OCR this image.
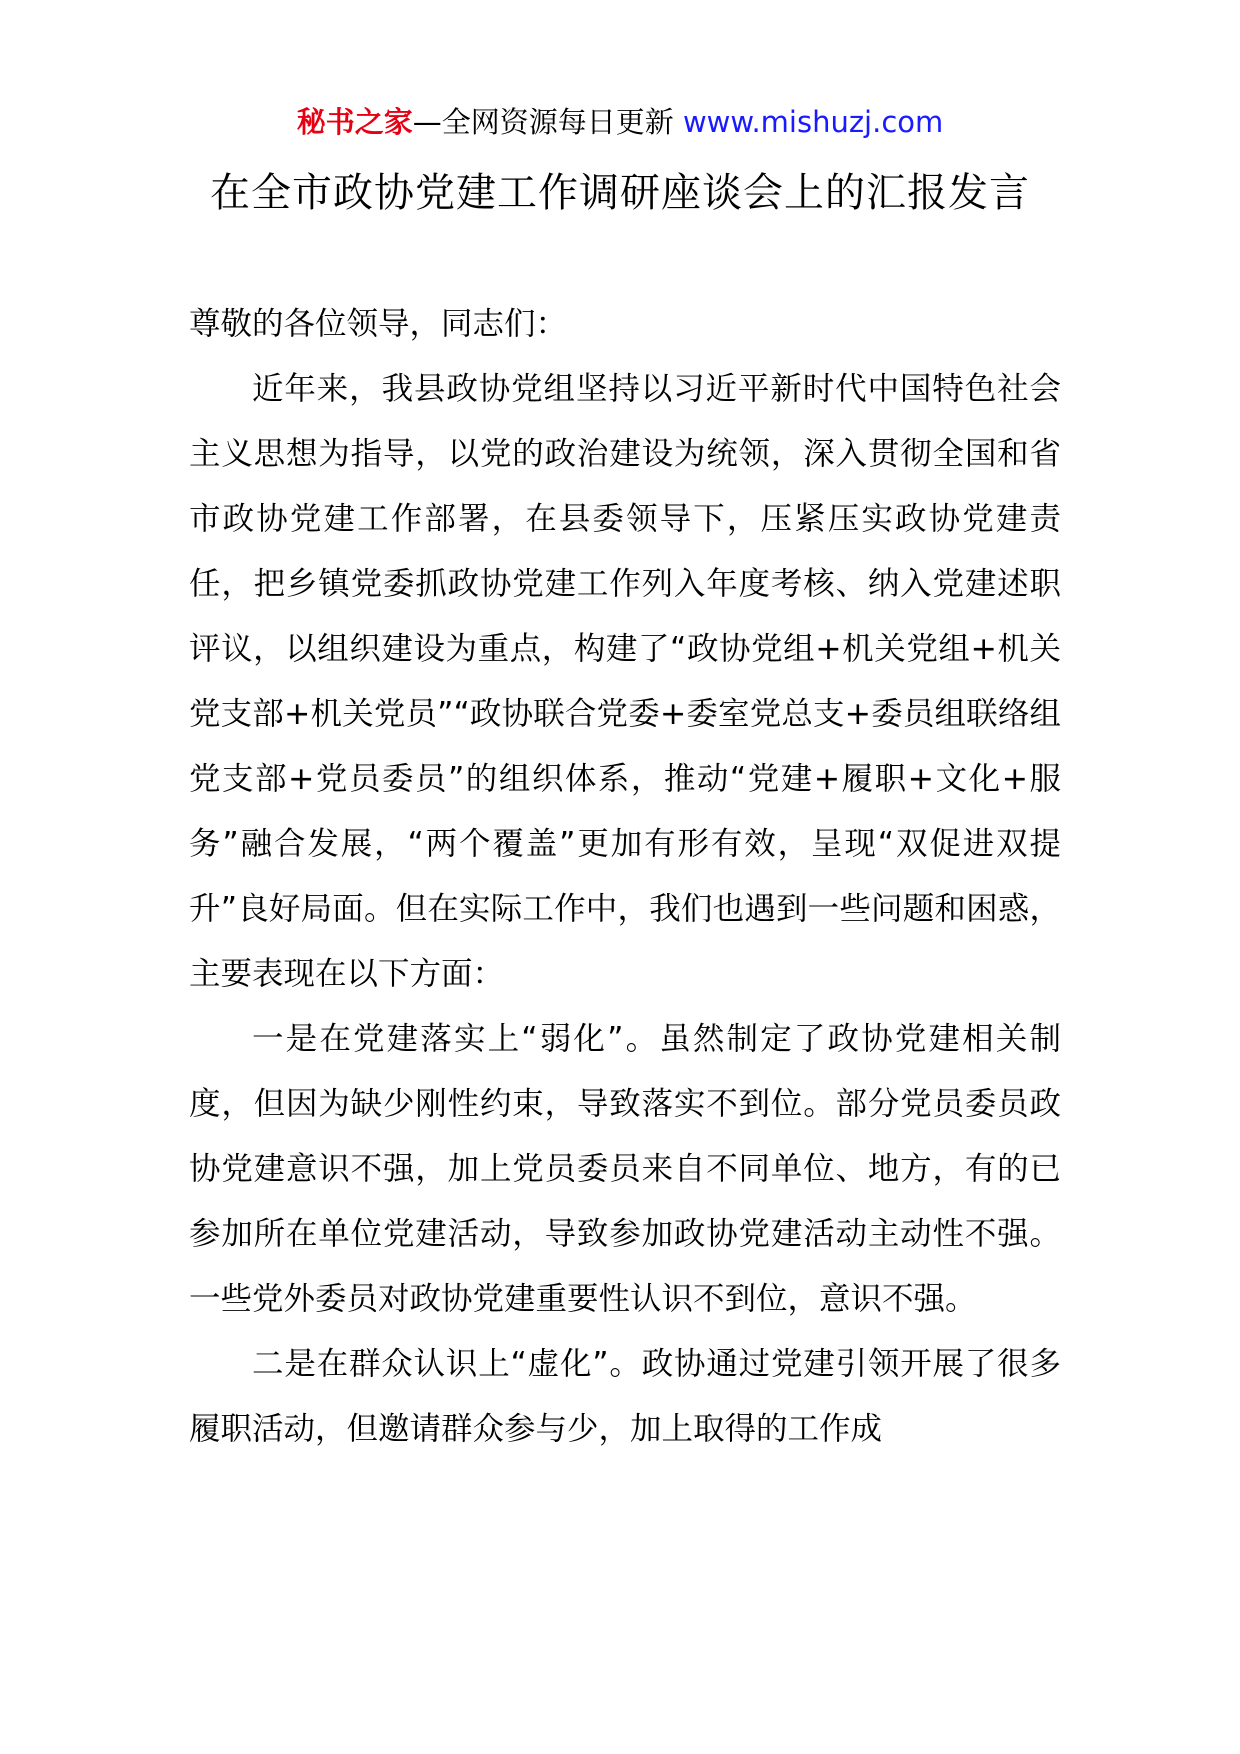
秘书之家—全网资源每日更新 www.mishuzj.com
在全市政协党建工作调研座谈会上的汇报发言

尊敬的各位领导，同志们：

近年来，我县政协党组坚持以习近平新时代中国特色社会主义思想为指导，以党的政治建设为统领，深入贯彻全国和省市政协党建工作部署，在县委领导下，压紧压实政协党建责任，把乡镇党委抓政协党建工作列入年度考核、纳入党建述职评议，以组织建设为重点，构建了“政协党组+机关党组+机关党支部+机关党员”“政协联合党委+委室党总支+委员组联络组党支部+党员委员”的组织体系，推动“党建+履职+文化+服务”融合发展，“两个覆盖”更加有形有效，呈现“双促进双提升”良好局面。但在实际工作中，我们也遇到一些问题和困惑，主要表现在以下方面：

一是在党建落实上“弱化”。虽然制定了政协党建相关制度，但因为缺少刚性约束，导致落实不到位。部分党员委员政协党建意识不强，加上党员委员来自不同单位、地方，有的已参加所在单位党建活动，导致参加政协党建活动主动性不强。一些党外委员对政协党建重要性认识不到位，意识不强。

二是在群众认识上“虚化”。政协通过党建引领开展了很多履职活动，但邀请群众参与少，加上取得的工作成
